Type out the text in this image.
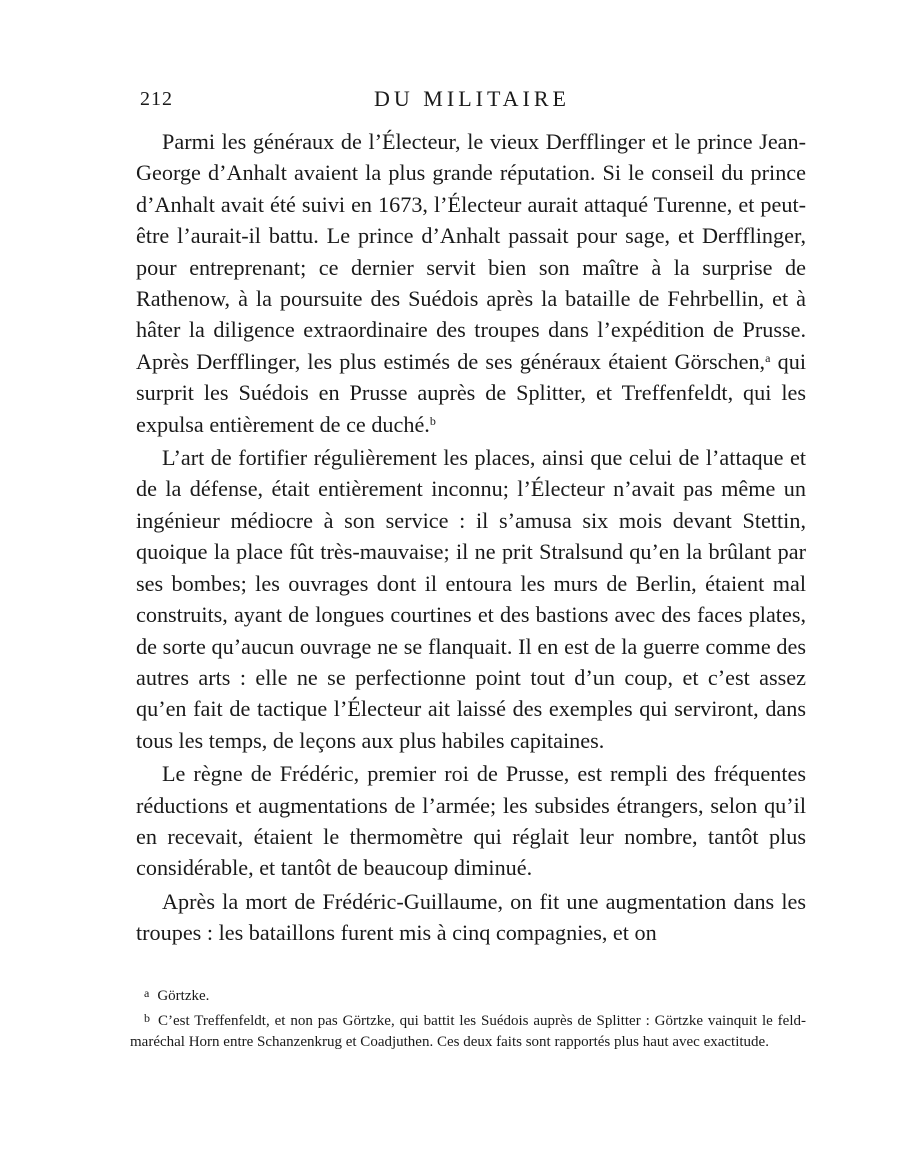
212	DU MILITAIRE

Parmi les généraux de l’Électeur, le vieux Derfflinger et le prince Jean-George d’Anhalt avaient la plus grande réputation. Si le conseil du prince d’Anhalt avait été suivi en 1673, l’Électeur aurait attaqué Turenne, et peut-être l’aurait-il battu. Le prince d’Anhalt passait pour sage, et Derfflinger, pour entreprenant; ce dernier servit bien son maître à la surprise de Rathenow, à la poursuite des Suédois après la bataille de Fehrbellin, et à hâter la diligence extraordinaire des troupes dans l’expédition de Prusse. Après Derfflinger, les plus estimés de ses généraux étaient Görschen,$^a$ qui surprit les Suédois en Prusse auprès de Splitter, et Treffenfeldt, qui les expulsa entièrement de ce duché.$^b$

L’art de fortifier régulièrement les places, ainsi que celui de l’attaque et de la défense, était entièrement inconnu; l’Électeur n’avait pas même un ingénieur médiocre à son service : il s’amusa six mois devant Stettin, quoique la place fût très-mauvaise; il ne prit Stralsund qu’en la brûlant par ses bombes; les ouvrages dont il entoura les murs de Berlin, étaient mal construits, ayant de longues courtines et des bastions avec des faces plates, de sorte qu’aucun ouvrage ne se flanquait. Il en est de la guerre comme des autres arts : elle ne se perfectionne point tout d’un coup, et c’est assez qu’en fait de tactique l’Électeur ait laissé des exemples qui serviront, dans tous les temps, de leçons aux plus habiles capitaines.

Le règne de Frédéric, premier roi de Prusse, est rempli des fréquentes réductions et augmentations de l’armée; les subsides étrangers, selon qu’il en recevait, étaient le thermomètre qui réglait leur nombre, tantôt plus considérable, et tantôt de beaucoup diminué.

Après la mort de Frédéric-Guillaume, on fit une augmentation dans les troupes : les bataillons furent mis à cinq compagnies, et on

$^a$ Görtzke.

$^b$ C’est Treffenfeldt, et non pas Görtzke, qui battit les Suédois auprès de Splitter : Görtzke vainquit le feld-maréchal Horn entre Schanzenkrug et Coadjuthen. Ces deux faits sont rapportés plus haut avec exactitude.
